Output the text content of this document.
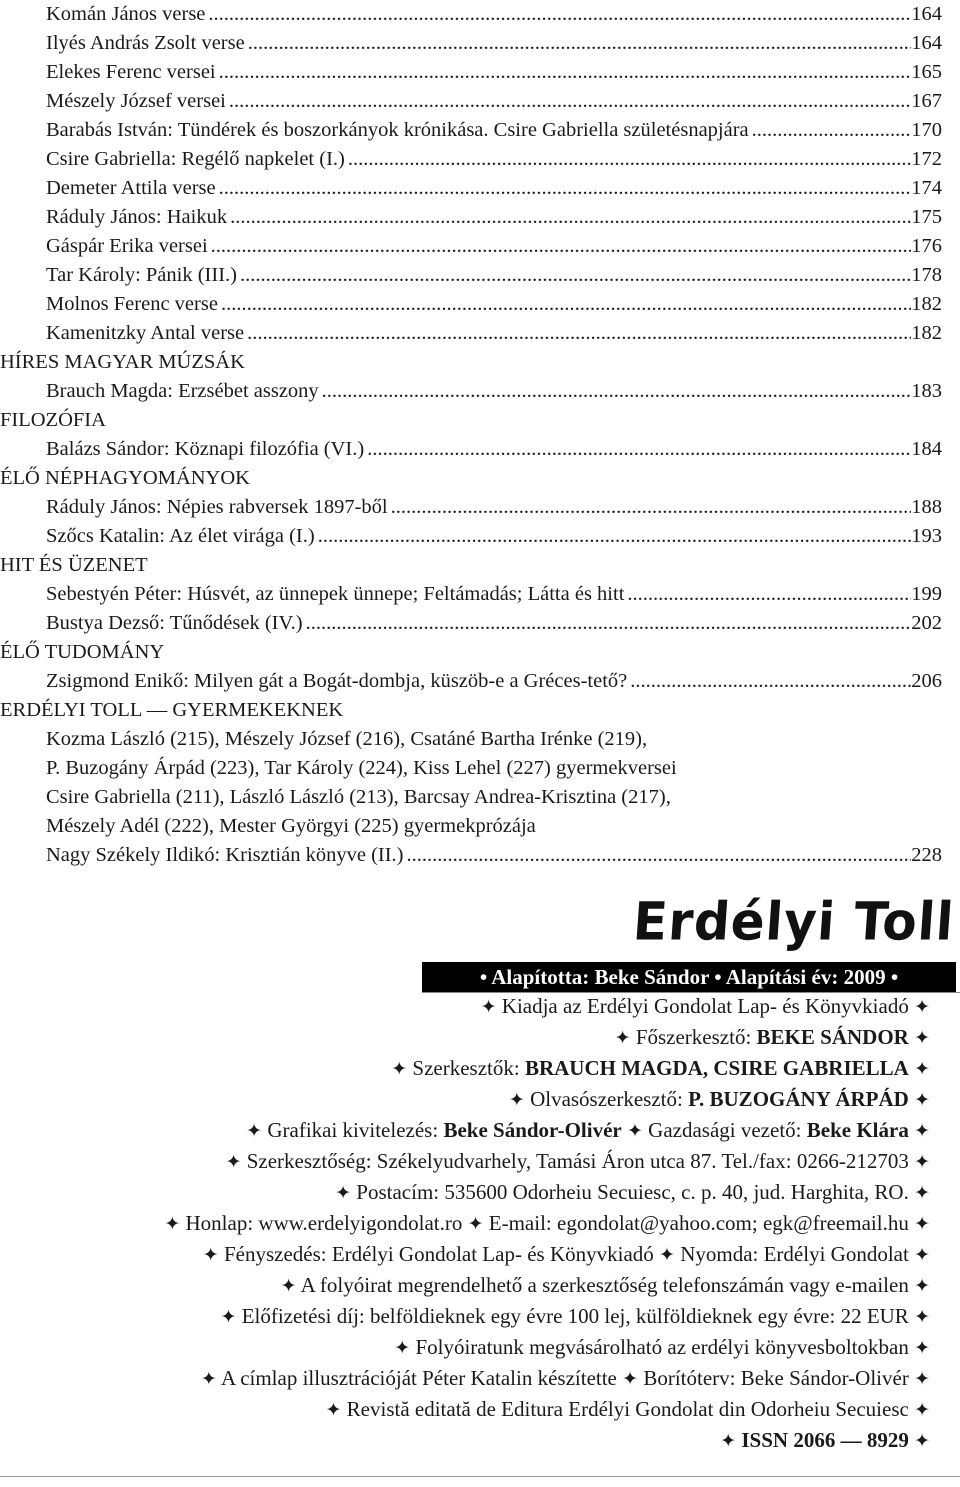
Komán János verse .....	164
Ilyés András Zsolt verse .....	164
Elekes Ferenc versei .....	165
Mészely József versei .....	167
Barabás István: Tündérek és boszorkányok krónikása. Csire Gabriella születésnapjára .....	170
Csire Gabriella: Regélő napkelet (I.) .....	172
Demeter Attila verse .....	174
Ráduly János: Haikuk .....	175
Gáspár Erika versei .....	176
Tar Károly: Pánik (III.) .....	178
Molnos Ferenc verse .....	182
Kamenitzky Antal verse .....	182
HÍRES MAGYAR MÚZSÁK
Brauch Magda: Erzsébet asszony .....	183
FILOZÓFIA
Balázs Sándor: Köznapi filozófia (VI.) .....	184
ÉLŐ NÉPHAGYOMÁNYOK
Ráduly János: Népies rabversek 1897-ből .....	188
Szőcs Katalin: Az élet virága (I.) .....	193
HIT ÉS ÜZENET
Sebestyén Péter: Húsvét, az ünnepek ünnepe; Feltámadás; Látta és hitt .....	199
Bustya Dezső: Tűnődések (IV.) .....	202
ÉLŐ TUDOMÁNY
Zsigmond Enikő: Milyen gát a Bogát-dombja, küszöb-e a Gréces-tető? .....	206
ERDÉLYI TOLL — GYERMEKEKNEK
Kozma László (215), Mészely József (216), Csatáné Bartha Irénke (219),
P. Buzogány Árpád (223), Tar Károly (224), Kiss Lehel (227) gyermekversei
Csire Gabriella (211), László László (213), Barcsay Andrea-Krisztina (217),
Mészely Adél (222), Mester Györgyi (225) gyermekprózája
Nagy Székely Ildikó: Krisztián könyve (II.) .....	228
Erdélyi Toll
• Alapította: Beke Sándor • Alapítási év: 2009 •
✦ Kiadja az Erdélyi Gondolat Lap- és Könyvkiadó ✦
✦ Főszerkesztő: BEKE SÁNDOR ✦
✦ Szerkesztők: BRAUCH MAGDA, CSIRE GABRIELLA ✦
✦ Olvasószerkesztő: P. BUZOGÁNY ÁRPÁD ✦
✦ Grafikai kivitelezés: Beke Sándor-Olivér ✦ Gazdasági vezető: Beke Klára ✦
✦ Szerkesztőség: Székelyudvarhely, Tamási Áron utca 87. Tel./fax: 0266-212703 ✦
✦ Postacím: 535600 Odorheiu Secuiesc, c. p. 40, jud. Harghita, RO. ✦
✦ Honlap: www.erdelyigondolat.ro ✦ E-mail: egondolat@yahoo.com; egk@freemail.hu ✦
✦ Fényszedés: Erdélyi Gondolat Lap- és Könyvkiadó ✦ Nyomda: Erdélyi Gondolat ✦
✦ A folyóirat megrendelhető a szerkesztőség telefonszámán vagy e-mailen ✦
✦ Előfizetési díj: belföldieknek egy évre 100 lej, külföldieknek egy évre: 22 EUR ✦
✦ Folyóiratunk megvásárolható az erdélyi könyvesboltokban ✦
✦ A címlap illusztrációját Péter Katalin készítette ✦ Borítóterv: Beke Sándor-Olivér ✦
✦ Revistă editată de Editura Erdélyi Gondolat din Odorheiu Secuiesc ✦
✦ ISSN 2066 — 8929 ✦
